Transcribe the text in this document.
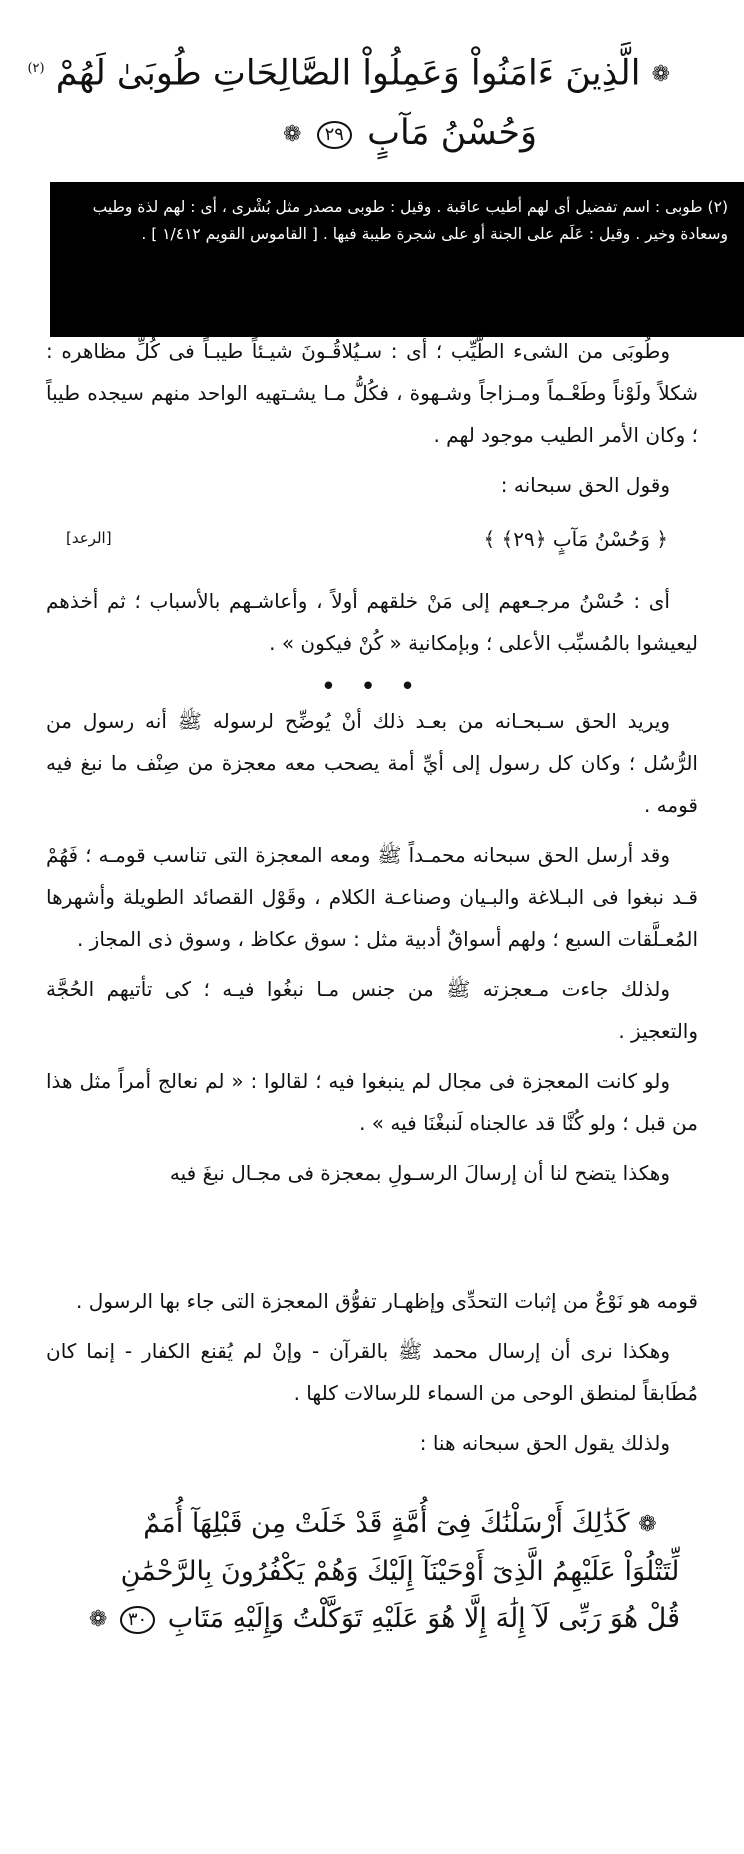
❁ الَّذِينَ ءَامَنُواْ وَعَمِلُواْ الصَّالِحَاتِ طُوبَىٰ لَهُمْ $^{(٢)}$
وَحُسْنُ مَآبٍ ٢٩ ❁
(٢) طوبى : اسم تفضيل أى لهم أطيب عاقبة . وقيل : طوبى مصدر مثل بُشْرى ، أى : لهم لذة وطيب وسعادة وخير . وقيل : عَلَم على الجنة أو على شجرة طيبة فيها . [ القاموس القويم ١/٤١٢ ] .

وطُوبَى من الشىء الطَّيِّب ؛ أى : سـيُلاقُـونَ شيـئاً طيبـاً فى كُلِّ مظاهره : شكلاً ولَوْناً وطَعْـماً ومـزاجاً وشـهوة ، فكُلُّ مـا يشـتهيه الواحد منهم سيجده طيباً ؛ وكان الأمر الطيب موجود لهم .

وقول الحق سبحانه :

﴿ وَحُسْنُ مَآبٍ ﴿٢٩﴾ ﴾
[الرعد]

أى : حُسْنُ مرجـعهم إلى مَنْ خلقهم أولاً ، وأعاشـهم بالأسباب ؛ ثم أخذهم ليعيشوا بالمُسبِّب الأعلى ؛ وبإمكانية « كُنْ فيكون » .

• • •

ويريد الحق سـبحـانه من بعـد ذلك أنْ يُوضِّح لرسوله ﷺ أنه رسول من الرُّسُل ؛ وكان كل رسول إلى أيِّ أمة يصحب معه معجزة من صِنْف ما نبغ فيه قومه .

وقد أرسل الحق سبحانه محمـداً ﷺ ومعه المعجزة التى تناسب قومـه ؛ فَهُمْ قـد نبغوا فى البـلاغة والبـيان وصناعـة الكلام ، وقَوْل القصائد الطويلة وأشهرها المُعـلَّقات السبع ؛ ولهم أسواقٌ أدبية مثل : سوق عكاظ ، وسوق ذى المجاز .

ولذلك جاءت مـعجزته ﷺ من جنس مـا نبغُوا فيـه ؛ كى تأتيهم الحُجَّة والتعجيز .

ولو كانت المعجزة فى مجال لم ينبغوا فيه ؛ لقالوا : « لم نعالج أمراً مثل هذا من قبل ؛ ولو كُنَّا قد عالجناه لَنبغْنَا فيه » .

وهكذا يتضح لنا أن إرسالَ الرسـولِ بمعجزة فى مجـال نبغَ فيه

قومه هو نَوْعٌ من إثبات التحدِّى وإظهـار تفوُّق المعجزة التى جاء بها الرسول .

وهكذا نرى أن إرسال محمد ﷺ بالقرآن - وإنْ لم يُقنع الكفار - إنما كان مُطَابقاً لمنطق الوحى من السماء للرسالات كلها .

ولذلك يقول الحق سبحانه هنا :

❁ كَذَٰلِكَ أَرْسَلْنَٰكَ فِىٓ أُمَّةٍ قَدْ خَلَتْ مِن قَبْلِهَآ أُمَمٌ
لِّتَتْلُوَاْ عَلَيْهِمُ الَّذِىٓ أَوْحَيْنَآ إِلَيْكَ وَهُمْ يَكْفُرُونَ بِالرَّحْمَٰنِ
قُلْ هُوَ رَبِّى لَآ إِلَٰهَ إِلَّا هُوَ عَلَيْهِ تَوَكَّلْتُ وَإِلَيْهِ مَتَابِ ٣٠ ❁
